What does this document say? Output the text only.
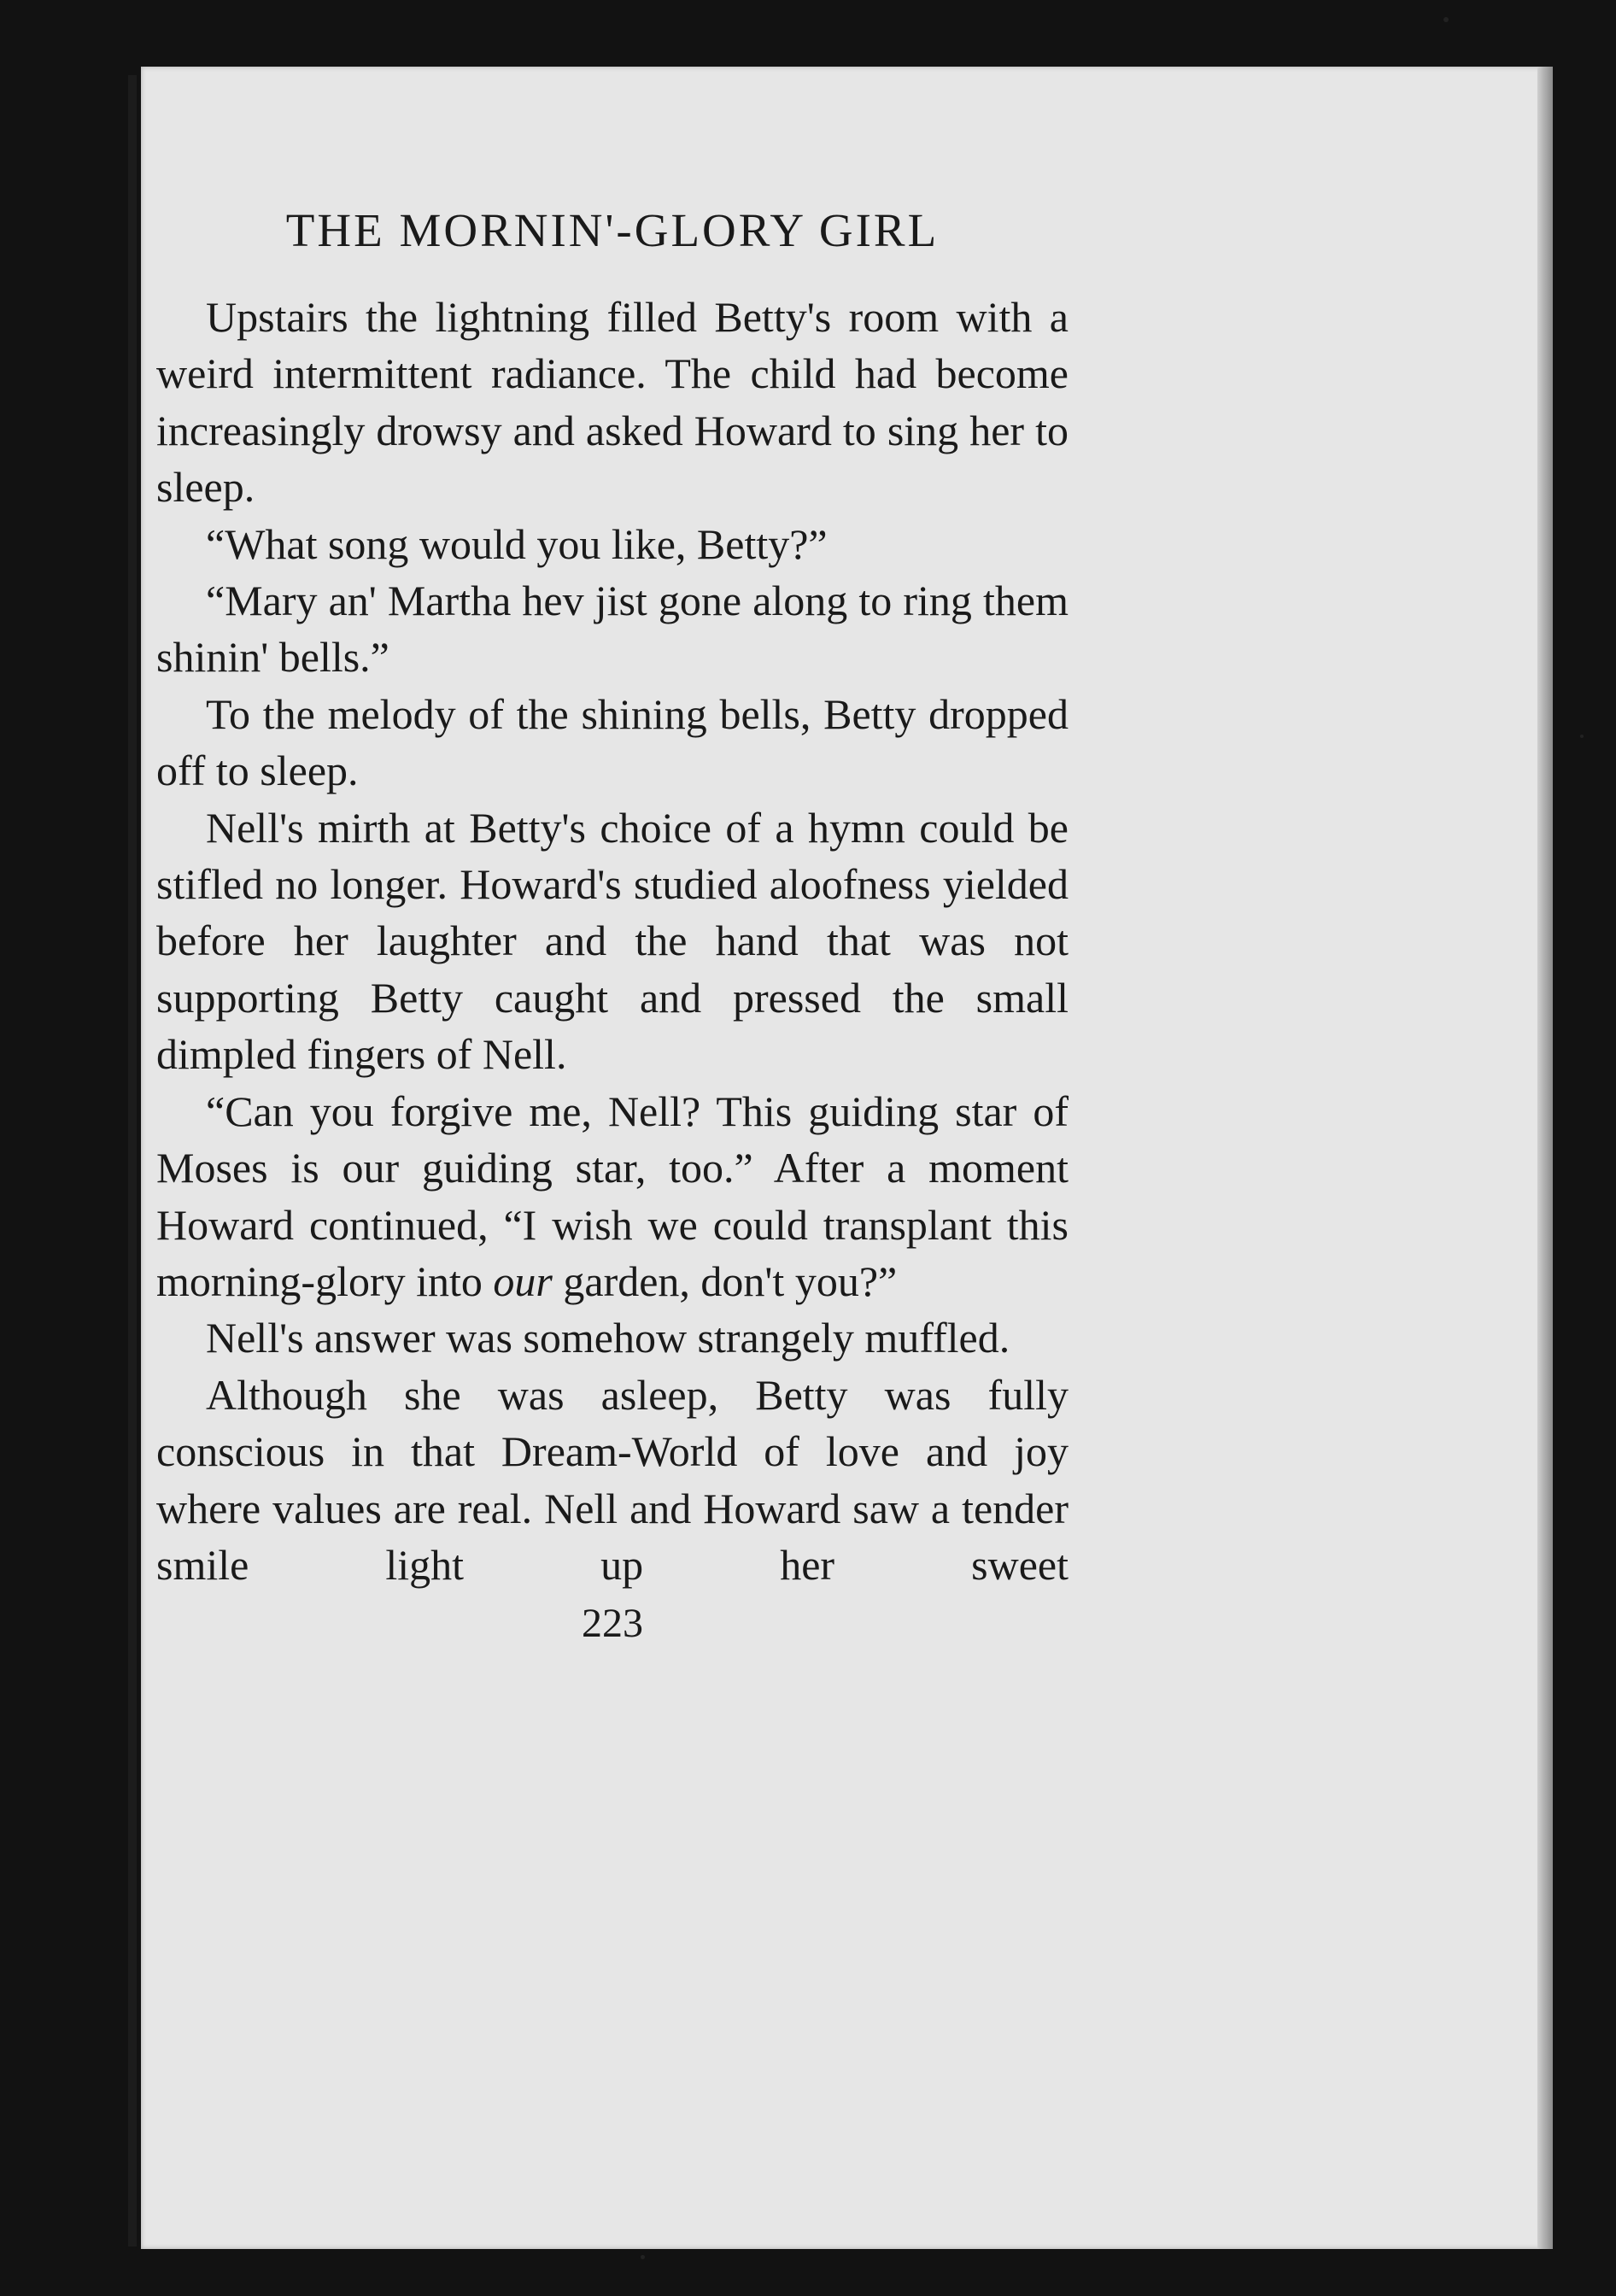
THE MORNIN'-GLORY GIRL

Upstairs the lightning filled Betty's room with a weird intermittent radiance. The child had become increasingly drowsy and asked Howard to sing her to sleep.

“What song would you like, Betty?”

“Mary an' Martha hev jist gone along to ring them shinin' bells.”

To the melody of the shining bells, Betty dropped off to sleep.

Nell's mirth at Betty's choice of a hymn could be stifled no longer. Howard's studied aloofness yielded before her laughter and the hand that was not supporting Betty caught and pressed the small dimpled fingers of Nell.

“Can you forgive me, Nell? This guiding star of Moses is our guiding star, too.” After a moment Howard continued, “I wish we could transplant this morning-glory into our garden, don't you?”

Nell's answer was somehow strangely muffled.

Although she was asleep, Betty was fully conscious in that Dream-World of love and joy where values are real. Nell and Howard saw a tender smile light up her sweet

223
